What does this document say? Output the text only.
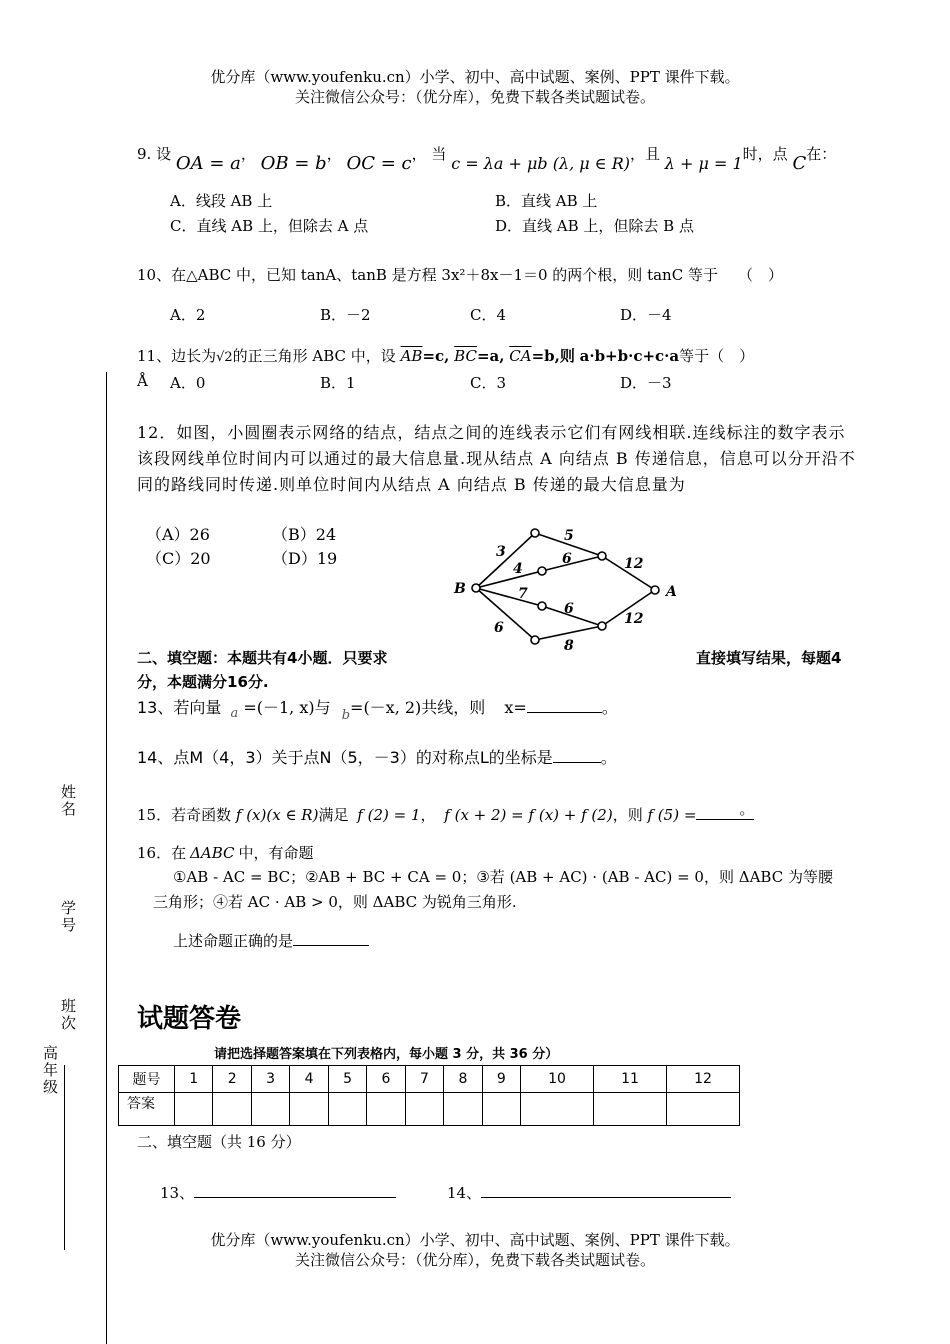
优分库（www.youfenku.cn）小学、初中、高中试题、案例、PPT 课件下载。
关注微信公众号：（优分库），免费下载各类试题试卷。
姓名
学号
班次
高年级
9. 设 OA = a， OB = b， OC = c， 当 c = λa + μb (λ, μ ∈ R)，且 λ + μ = 1时，点 C在：
A．线段 AB 上	B．直线 AB 上
C．直线 AB 上，但除去 A 点	D．直线 AB 上，但除去 B 点
10、在△ABC 中，已知 tanA、tanB 是方程 3x²＋8x－1＝0 的两个根，则 tanC 等于 （　）
A．2	B．－2	C．4	D．－4
11、边长为√2的正三角形 ABC 中，设 $\overline{AB}=c$, $\overline{BC}=a$, $\overline{CA}=b$,则 a·b+b·c+c·a等于（　）
Å A．0	B．1	C．3	D．－3
12．如图，小圆圈表示网络的结点，结点之间的连线表示它们有网线相联.连线标注的数字表示该段网线单位时间内可以通过的最大信息量.现从结点 A 向结点 B 传递信息，信息可以分开沿不同的路线同时传递.则单位时间内从结点 A 向结点 B 传递的最大信息量为
（A）26	（B）24
（C）20	（D）19
B	A
3
5
4
6	12
7
6
12
6
8
二、填空题：本题共有4小题．只要求	直接填写结果，每题4
分，本题满分16分.
13、若向量 $_a$ =(－1, x)与 $_b$=(－x, 2)共线，则 x=	。
14、点M（4，3）关于点N（5，－3）的对称点L的坐标是	。
15．若奇函数 f (x)(x ∈ R)满足 f (2) = 1， f (x + 2) = f (x) + f (2)，则 f (5) =	。
16．在 ΔABC 中，有命题
①AB - AC = BC；②AB + BC + CA = 0；③若 (AB + AC) · (AB - AC) = 0，则 ΔABC 为等腰
三角形；④若 AC · AB > 0，则 ΔABC 为锐角三角形.
上述命题正确的是
试题答卷
请把选择题答案填在下列表格内，每小题 3 分，共 36 分）
题号	1	2	3	4	5	6	7	8	9	10	11	12
答案												
二、填空题（共 16 分）
13、	14、
优分库（www.youfenku.cn）小学、初中、高中试题、案例、PPT 课件下载。
关注微信公众号：（优分库），免费下载各类试题试卷。
